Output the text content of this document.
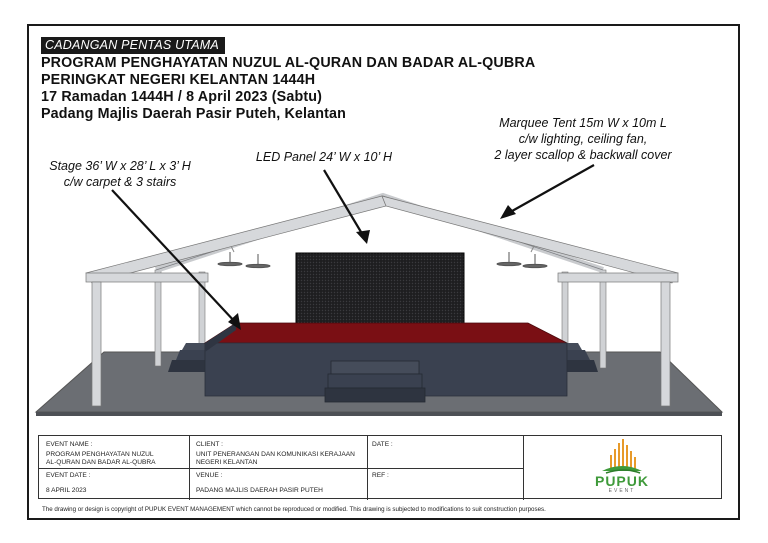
CADANGAN PENTAS UTAMA
PROGRAM PENGHAYATAN NUZUL AL-QURAN DAN BADAR AL-QUBRA
PERINGKAT NEGERI KELANTAN 1444H
17 Ramadan 1444H / 8 April 2023 (Sabtu)
Padang Majlis Daerah Pasir Puteh, Kelantan
Marquee Tent 15m W x 10m L
c/w lighting, ceiling fan,
2 layer scallop & backwall cover
LED Panel 24’ W x 10’ H
Stage 36’ W x 28’ L x 3’ H
c/w carpet & 3 stairs
EVENT NAME :
PROGRAM PENGHAYATAN NUZUL
AL-QURAN DAN BADAR AL-QUBRA
CLIENT :
UNIT PENERANGAN DAN KOMUNIKASI KERAJAAN
NEGERI KELANTAN
DATE :
EVENT DATE :
8 APRIL 2023
VENUE :
PADANG MAJLIS DAERAH PASIR PUTEH
REF :	PUPUK
EVENT
The drawing or design is copyright of PUPUK EVENT MANAGEMENT which cannot be reproduced or modified. This drawing is subjected to modifications to suit construction purposes.
